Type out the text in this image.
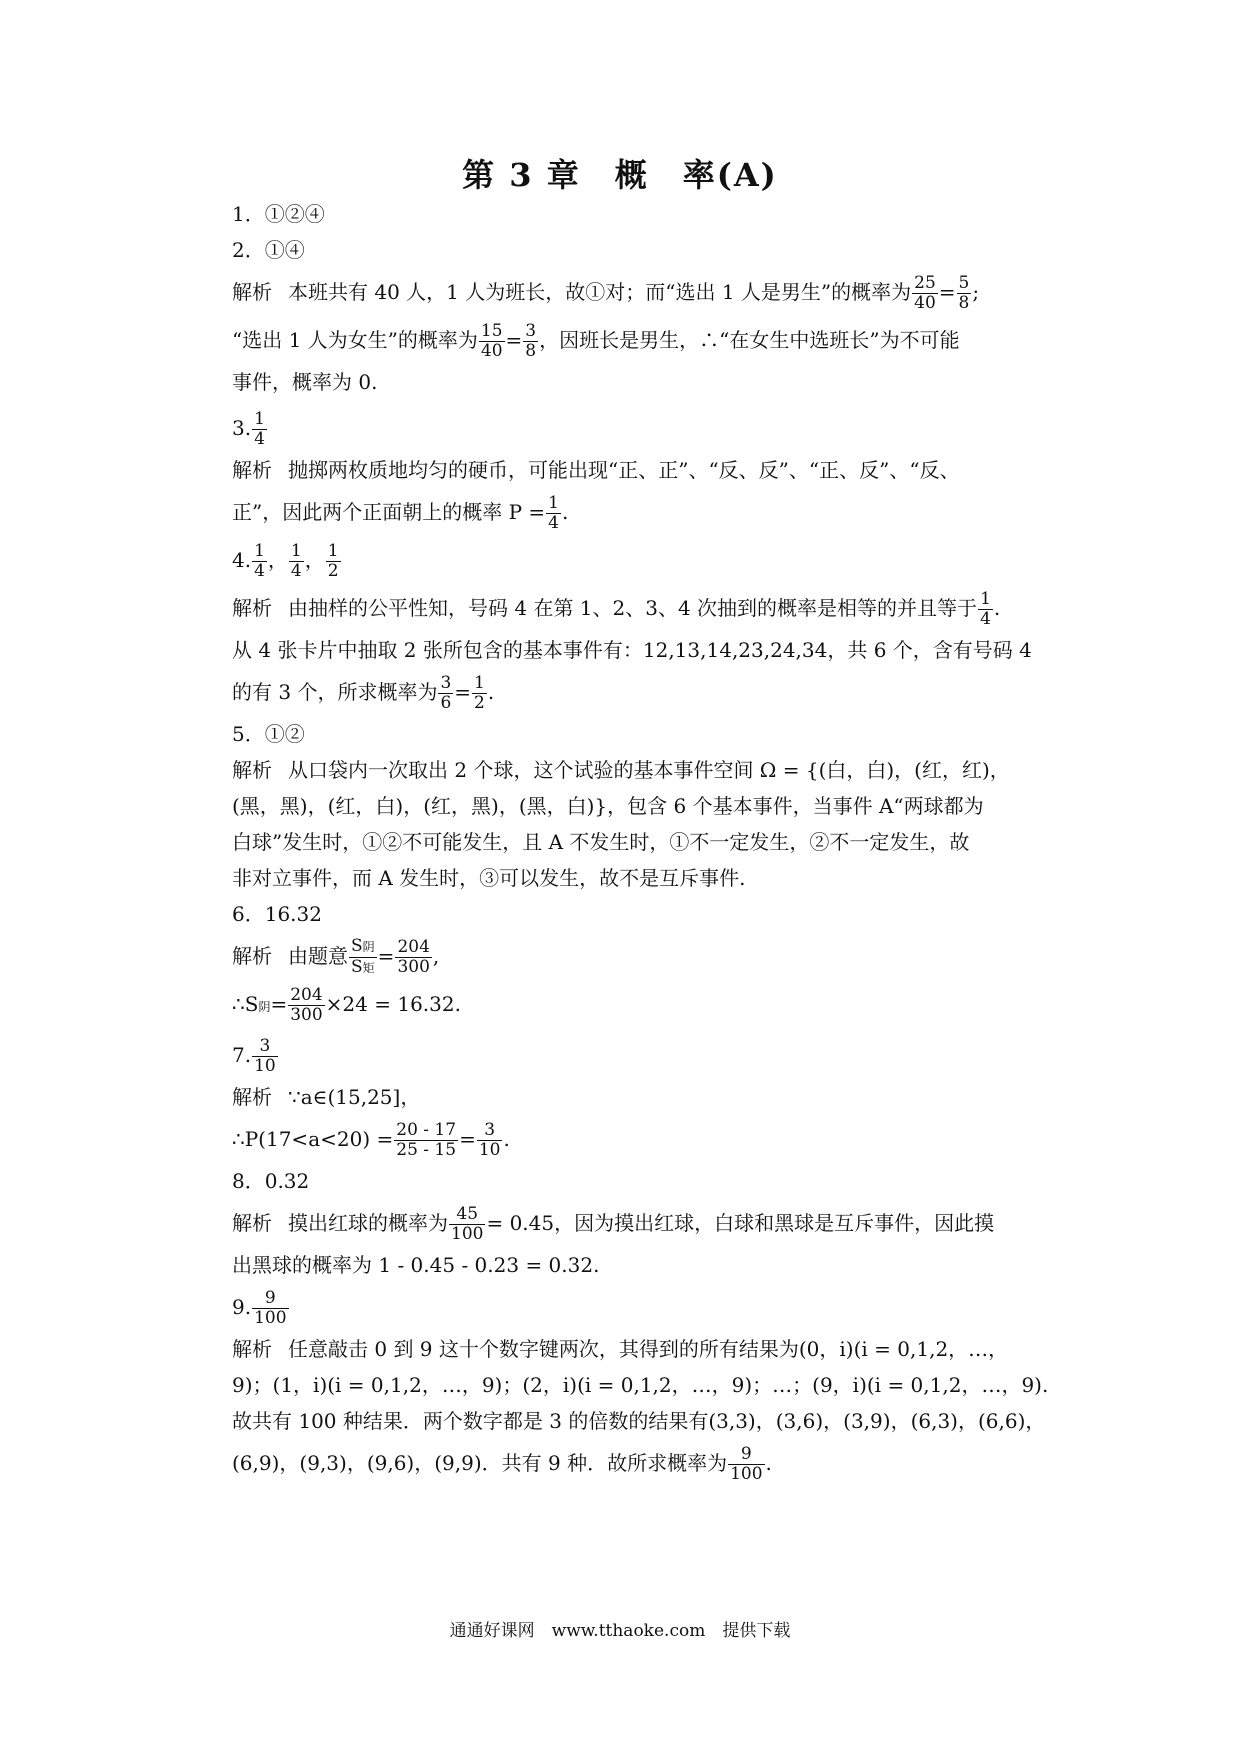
第 3 章　概　率(A)
1．①②④
2．①④
解析 本班共有 40 人，1 人为班长，故①对；而“选出 1 人是男生”的概率为 $\frac{25}{40} = \frac{5}{8}$ ;
“选出 1 人为女生”的概率为 $\frac{15}{40} = \frac{3}{8}$ ，因班长是男生，∴“在女生中选班长”为不可能
事件，概率为 0.
3. $\frac{1}{4}$
解析 抛掷两枚质地均匀的硬币，可能出现“正、正”、“反、反”、“正、反”、“反、
正”，因此两个正面朝上的概率 $P = \frac{1}{4}$ .
4. $\frac{1}{4}$ ， $\frac{1}{4}$ ， $\frac{1}{2}$
解析 由抽样的公平性知，号码 4 在第 1、2、3、4 次抽到的概率是相等的并且等于 $\frac{1}{4}$ .
从 4 张卡片中抽取 2 张所包含的基本事件有：12,13,14,23,24,34，共 6 个，含有号码 4
的有 3 个，所求概率为 $\frac{3}{6} = \frac{1}{2}$ .
5．①②
解析 从口袋内一次取出 2 个球，这个试验的基本事件空间 Ω = {(白，白)，(红，红)，
(黑，黑)，(红，白)，(红，黑)，(黑，白)}，包含 6 个基本事件，当事件 A“两球都为
白球”发生时，①②不可能发生，且 A 不发生时，①不一定发生，②不一定发生，故
非对立事件，而 A 发生时，③可以发生，故不是互斥事件.
6．16.32
解析 由题意 $\frac{\text{S阴}}{\text{S矩}} = \frac{204}{300}$ ,
∴S阴= $\frac{204}{300} \times 24 = 16.32$.
7. $\frac{3}{10}$
解析 ∵a∈(15,25]，
∴P(17<a<20) = $\frac{20 - 17}{25 - 15} = \frac{3}{10}$ .
8．0.32
解析 摸出红球的概率为 $\frac{45}{100} = 0.45$，因为摸出红球，白球和黑球是互斥事件，因此摸
出黑球的概率为 1 - 0.45 - 0.23 = 0.32.
9. $\frac{9}{100}$
解析 任意敲击 0 到 9 这十个数字键两次，其得到的所有结果为(0，i)(i = 0,1,2，…，
9)；(1，i)(i = 0,1,2，…，9)；(2，i)(i = 0,1,2，…，9)；…；(9，i)(i = 0,1,2，…，9).
故共有 100 种结果．两个数字都是 3 的倍数的结果有(3,3)，(3,6)，(3,9)，(6,3)，(6,6)，
(6,9)，(9,3)，(9,6)，(9,9)．共有 9 种．故所求概率为 $\frac{9}{100}$ .
通通好课网　www.tthaoke.com　提供下载
